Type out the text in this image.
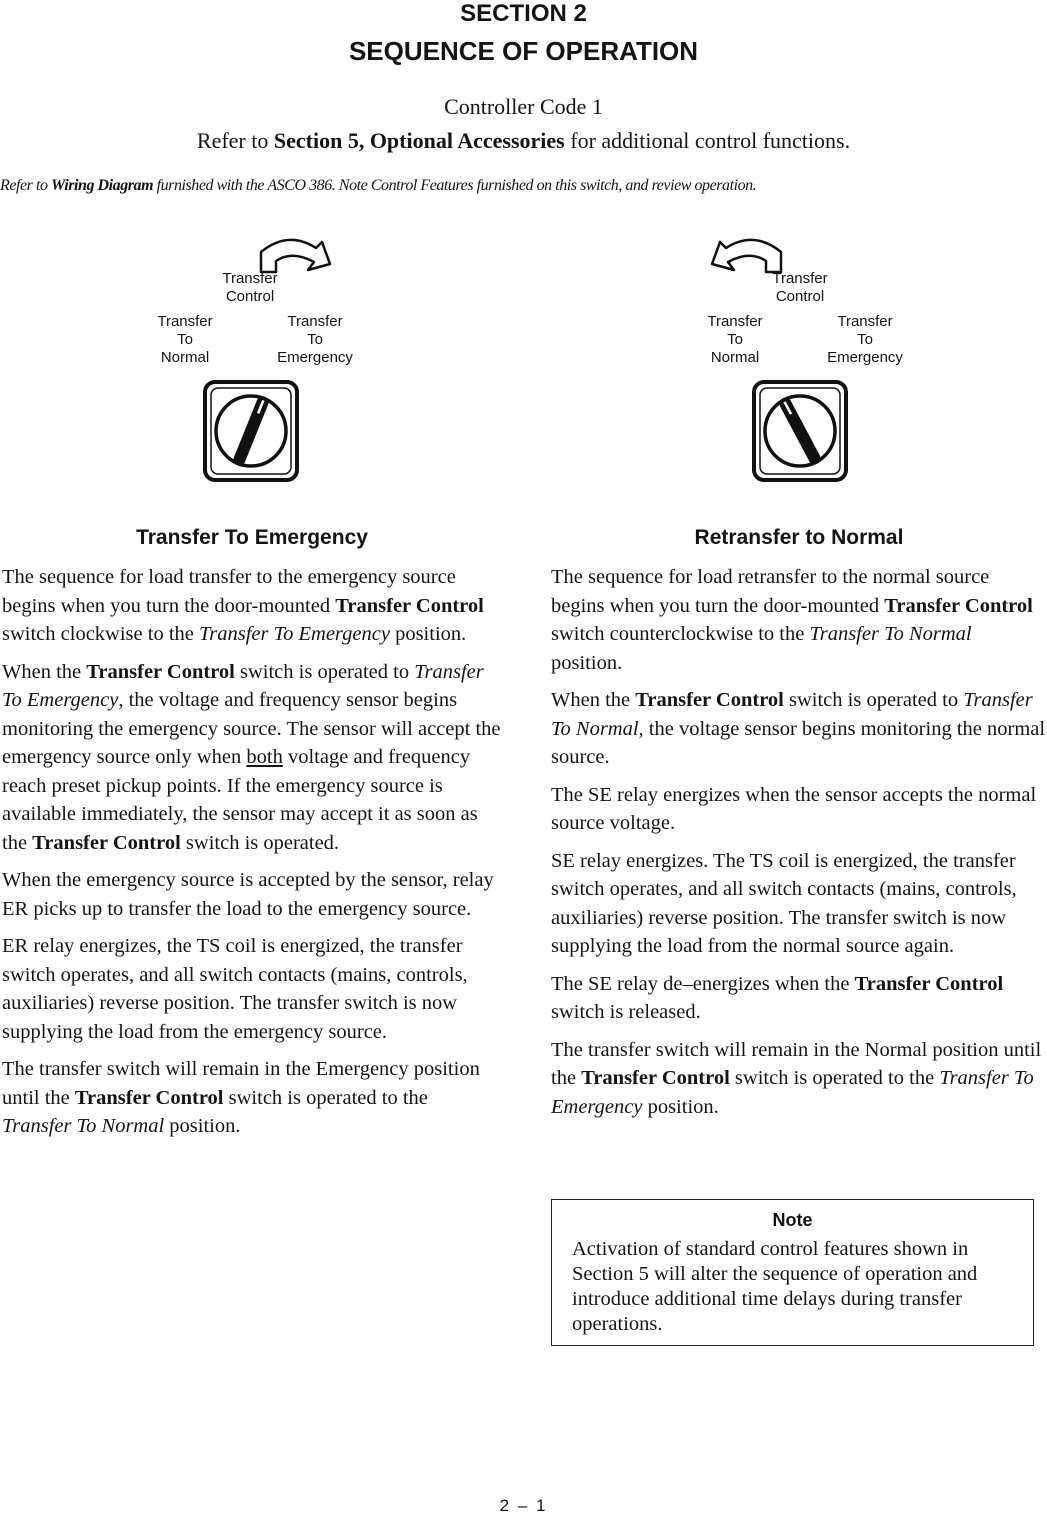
SECTION 2
SEQUENCE OF OPERATION
Controller Code 1
Refer to Section 5, Optional Accessories for additional control functions.
Refer to Wiring Diagram furnished with the ASCO 386. Note Control Features furnished on this switch, and review operation.
Transfer
Control
Transfer
To
Normal
Transfer
To
Emergency
Transfer
Control
Transfer
To
Normal
Transfer
To
Emergency
Transfer To Emergency

The sequence for load transfer to the emergency source begins when you turn the door-mounted Transfer Control switch clockwise to the Transfer To Emergency position.

When the Transfer Control switch is operated to Transfer To Emergency, the voltage and frequency sensor begins monitoring the emergency source. The sensor will accept the emergency source only when both voltage and frequency reach preset pickup points. If the emergency source is available immediately, the sensor may accept it as soon as the Transfer Control switch is operated.

When the emergency source is accepted by the sensor, relay ER picks up to transfer the load to the emergency source.

ER relay energizes, the TS coil is energized, the transfer switch operates, and all switch contacts (mains, controls, auxiliaries) reverse position. The transfer switch is now supplying the load from the emergency source.

The transfer switch will remain in the Emergency position until the Transfer Control switch is operated to the Transfer To Normal position.

Retransfer to Normal

The sequence for load retransfer to the normal source begins when you turn the door-mounted Transfer Control switch counterclockwise to the Transfer To Normal position.

When the Transfer Control switch is operated to Transfer To Normal, the voltage sensor begins monitoring the normal source.

The SE relay energizes when the sensor accepts the normal source voltage.

SE relay energizes. The TS coil is energized, the transfer switch operates, and all switch contacts (mains, controls, auxiliaries) reverse position. The transfer switch is now supplying the load from the normal source again.

The SE relay de–energizes when the Transfer Control switch is released.

The transfer switch will remain in the Normal position until the Transfer Control switch is operated to the Transfer To Emergency position.

Note
Activation of standard control features shown in Section 5 will alter the sequence of operation and introduce additional time delays during transfer operations.
2 – 1
